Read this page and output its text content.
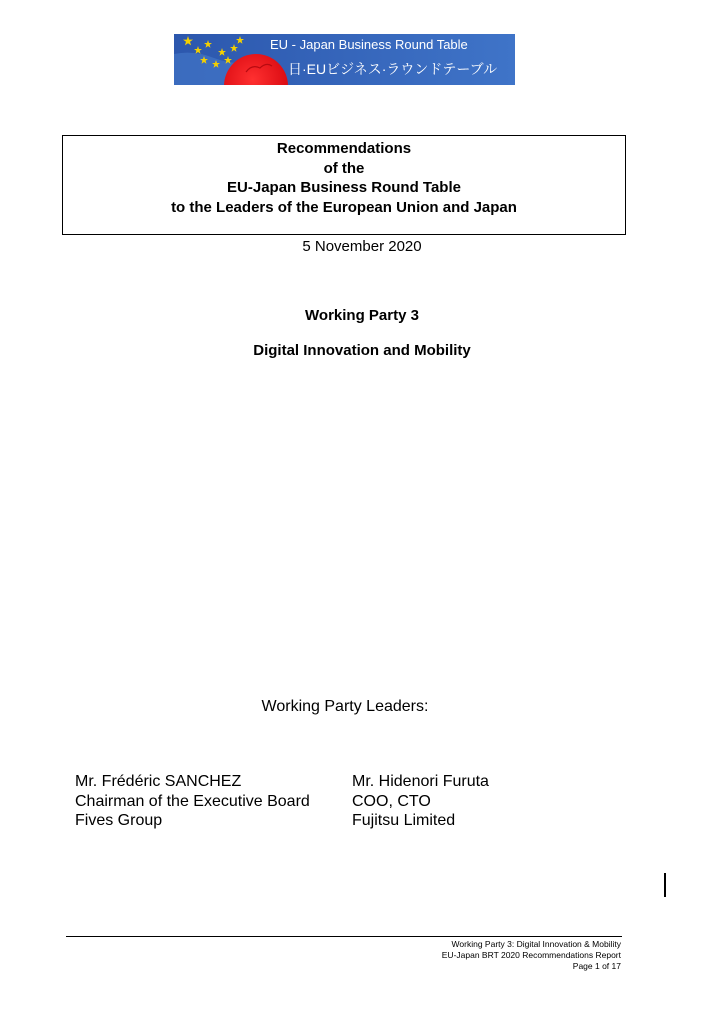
EU - Japan Business Round Table
日·EUビジネス·ラウンドテーブル
Recommendations
of the
EU-Japan Business Round Table
to the Leaders of the European Union and Japan
5 November 2020
Working Party 3
Digital Innovation and Mobility
Working Party Leaders:
Mr. Frédéric SANCHEZ
Chairman of the Executive Board
Fives Group
Mr. Hidenori Furuta
COO, CTO
Fujitsu Limited
Working Party 3: Digital Innovation & Mobility
EU-Japan BRT 2020 Recommendations Report
Page 1 of 17
